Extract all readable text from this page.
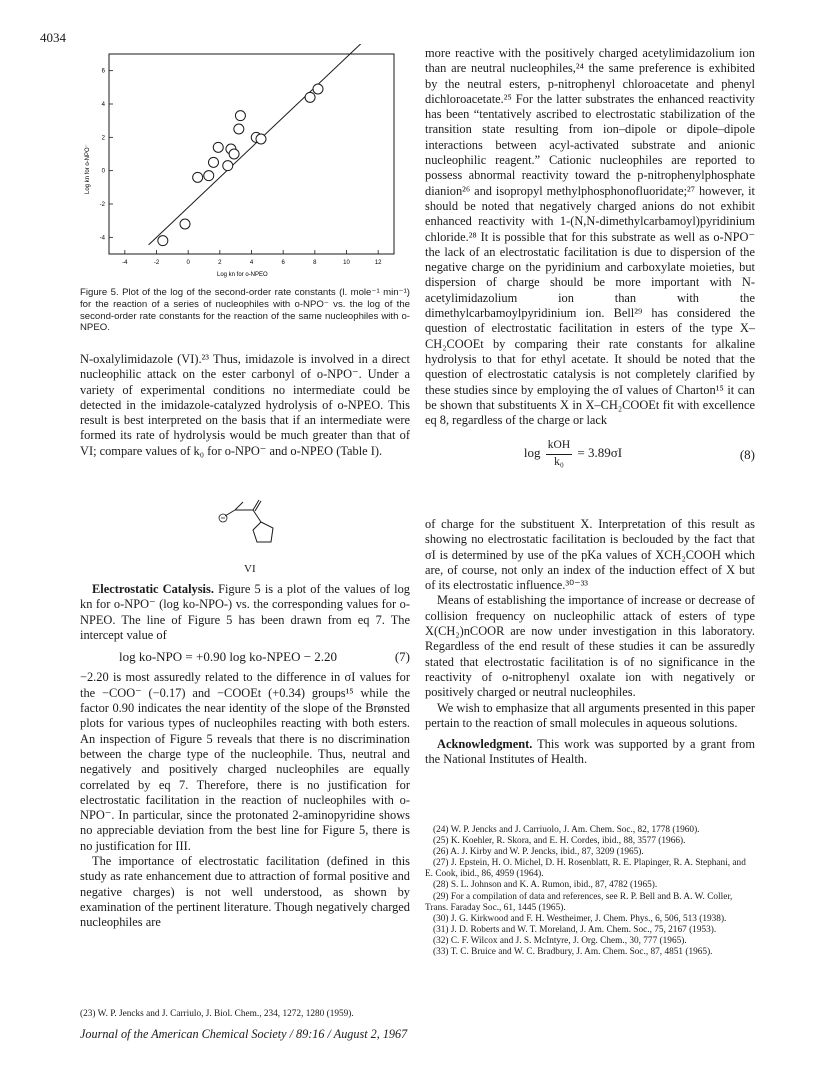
4034
-4	-2	0	2	4	6	8	10	12
-4
-2
0
2
4
6
Log kn for o-NPO⁻
Log kn for o-NPEO
Figure 5. Plot of the log of the second-order rate constants (l. mole⁻¹ min⁻¹) for the reaction of a series of nucleophiles with o-NPO⁻ vs. the log of the second-order rate constants for the reaction of the same nucleophiles with o-NPEO.

N-oxalylimidazole (VI).²³ Thus, imidazole is involved in a direct nucleophilic attack on the ester carbonyl of o-NPO⁻. Under a variety of experimental conditions no intermediate could be detected in the imidazole-catalyzed hydrolysis of o-NPEO. This result is best interpreted on the basis that if an intermediate were formed its rate of hydrolysis would be much greater than that of VI; compare values of k₀ for o-NPO⁻ and o-NPEO (Table I).

VI

Electrostatic Catalysis. Figure 5 is a plot of the values of log kn for o-NPO⁻ (log ko-NPO-) vs. the corresponding values for o-NPEO. The line of Figure 5 has been drawn from eq 7. The intercept value of

log ko-NPO = +0.90 log ko-NPEO − 2.20	(7)

−2.20 is most assuredly related to the difference in σI values for the −COO⁻ (−0.17) and −COOEt (+0.34) groups¹⁵ while the factor 0.90 indicates the near identity of the slope of the Brønsted plots for various types of nucleophiles reacting with both esters. An inspection of Figure 5 reveals that there is no discrimination between the charge type of the nucleophile. Thus, neutral and negatively and positively charged nucleophiles are equally correlated by eq 7. Therefore, there is no justification for electrostatic facilitation in the reaction of nucleophiles with o-NPO⁻. In particular, since the protonated 2-aminopyridine shows no appreciable deviation from the best line for Figure 5, there is no justification for III.

The importance of electrostatic facilitation (defined in this study as rate enhancement due to attraction of formal positive and negative charges) is not well understood, as shown by examination of the pertinent literature. Though negatively charged nucleophiles are

(23) W. P. Jencks and J. Carriulo, J. Biol. Chem., 234, 1272, 1280 (1959).

more reactive with the positively charged acetylimidazolium ion than are neutral nucleophiles,²⁴ the same preference is exhibited by the neutral esters, p-nitrophenyl chloroacetate and phenyl dichloroacetate.²⁵ For the latter substrates the enhanced reactivity has been “tentatively ascribed to electrostatic stabilization of the transition state resulting from ion–dipole or dipole–dipole interactions between acyl-activated substrate and anionic nucleophilic reagent.” Cationic nucleophiles are reported to possess abnormal reactivity toward the p-nitrophenylphosphate dianion²⁶ and isopropyl methylphosphonofluoridate;²⁷ however, it should be noted that negatively charged anions do not exhibit enhanced reactivity with 1-(N,N-dimethylcarbamoyl)pyridinium chloride.²⁸ It is possible that for this substrate as well as o-NPO⁻ the lack of an electrostatic facilitation is due to dispersion of the negative charge on the pyridinium and carboxylate moieties, but dispersion of charge should be more important with N-acetylimidazolium ion than with the dimethylcarbamoylpyridinium ion. Bell²⁹ has considered the question of electrostatic facilitation in esters of the type X–CH₂COOEt by comparing their rate constants for alkaline hydrolysis to that for ethyl acetate. It should be noted that the question of electrostatic catalysis is not completely clarified by these studies since by employing the σI values of Charton¹⁵ it can be shown that substituents X in X–CH₂COOEt fit with excellence eq 8, regardless of the charge or lack

$\log \frac{\text{kOH}}{\text{k₀}} = 3.89\sigma I$	(8)

of charge for the substituent X. Interpretation of this result as showing no electrostatic facilitation is beclouded by the fact that σI is determined by use of the pKa values of XCH₂COOH which are, of course, not only an index of the induction effect of X but of its electrostatic influence.³⁰⁻³³

Means of establishing the importance of increase or decrease of collision frequency on nucleophilic attack of esters of type X(CH₂)nCOOR are now under investigation in this laboratory. Regardless of the end result of these studies it can be assuredly stated that electrostatic facilitation is of no significance in the reactivity of o-nitrophenyl oxalate ion with negatively or positively charged or neutral nucleophiles.

We wish to emphasize that all arguments presented in this paper pertain to the reaction of small molecules in aqueous solutions.

Acknowledgment. This work was supported by a grant from the National Institutes of Health.

(24) W. P. Jencks and J. Carriuolo, J. Am. Chem. Soc., 82, 1778 (1960).
(25) K. Koehler, R. Skora, and E. H. Cordes, ibid., 88, 3577 (1966).
(26) A. J. Kirby and W. P. Jencks, ibid., 87, 3209 (1965).
(27) J. Epstein, H. O. Michel, D. H. Rosenblatt, R. E. Plapinger, R. A. Stephani, and E. Cook, ibid., 86, 4959 (1964).
(28) S. L. Johnson and K. A. Rumon, ibid., 87, 4782 (1965).
(29) For a compilation of data and references, see R. P. Bell and B. A. W. Coller, Trans. Faraday Soc., 61, 1445 (1965).
(30) J. G. Kirkwood and F. H. Westheimer, J. Chem. Phys., 6, 506, 513 (1938).
(31) J. D. Roberts and W. T. Moreland, J. Am. Chem. Soc., 75, 2167 (1953).
(32) C. F. Wilcox and J. S. McIntyre, J. Org. Chem., 30, 777 (1965).
(33) T. C. Bruice and W. C. Bradbury, J. Am. Chem. Soc., 87, 4851 (1965).
Journal of the American Chemical Society / 89:16 / August 2, 1967
